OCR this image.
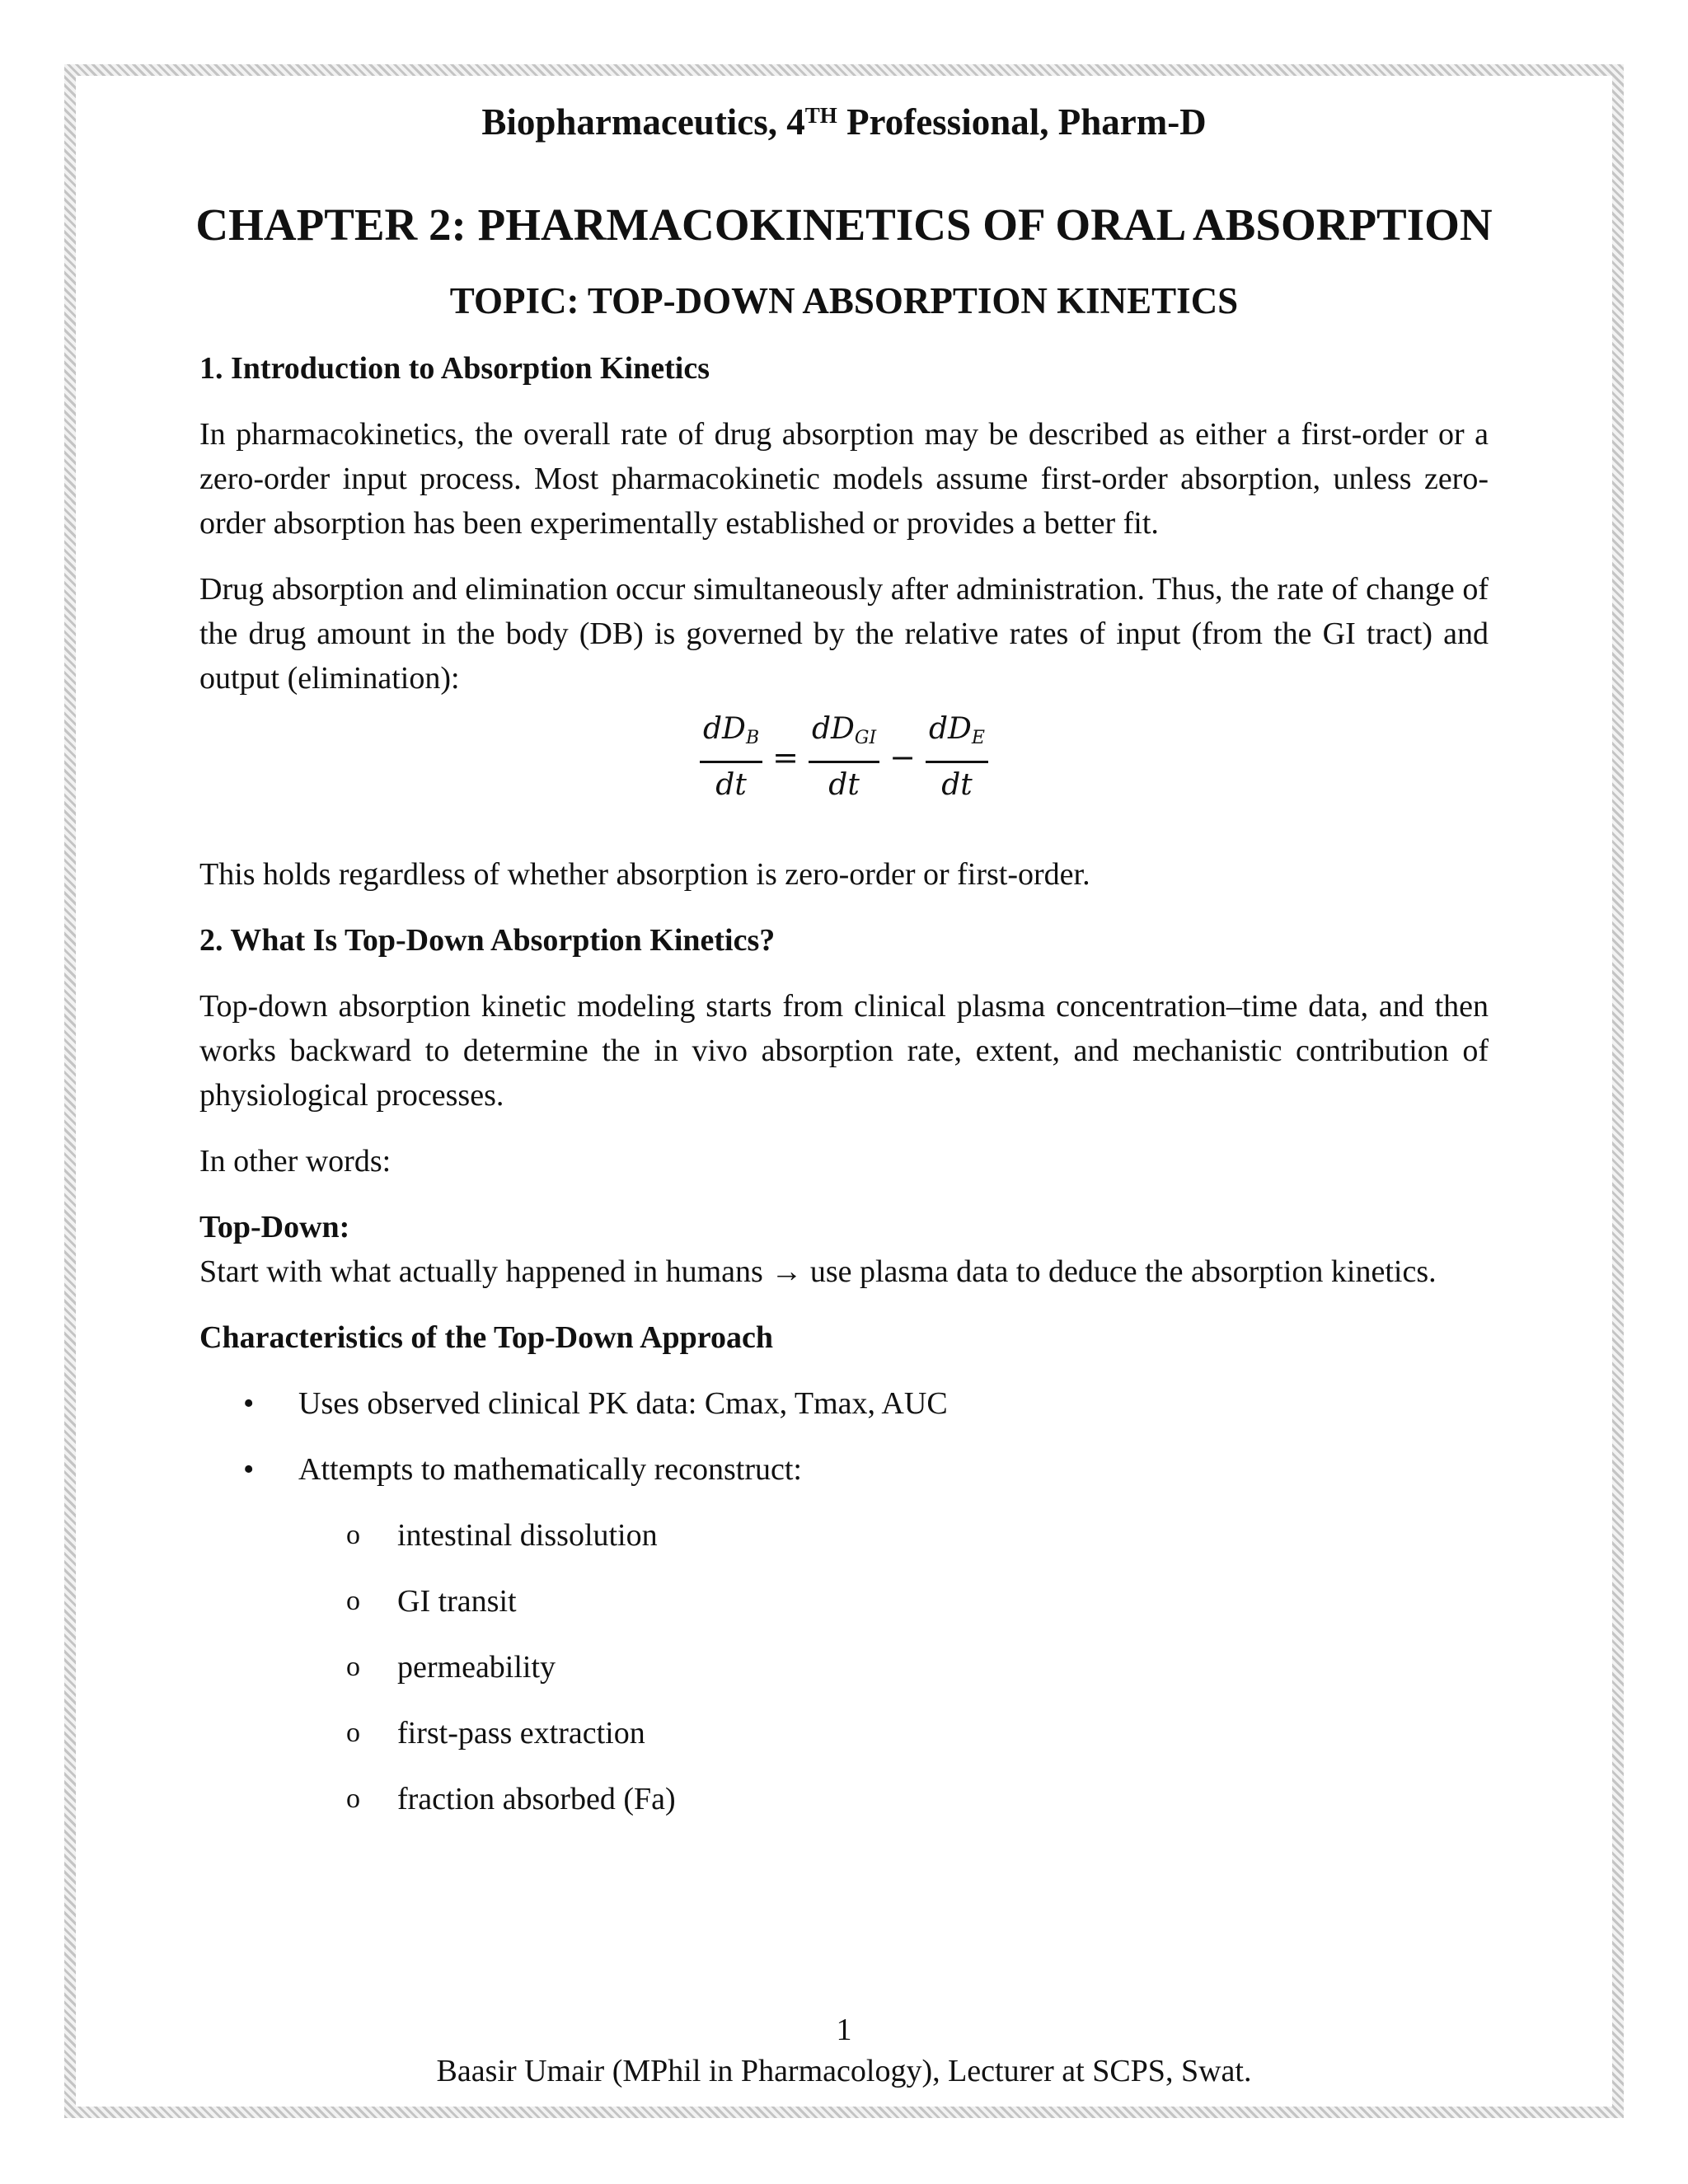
Biopharmaceutics, 4TH Professional, Pharm-D
CHAPTER 2: PHARMACOKINETICS OF ORAL ABSORPTION
TOPIC: TOP-DOWN ABSORPTION KINETICS
1. Introduction to Absorption Kinetics

In pharmacokinetics, the overall rate of drug absorption may be described as either a first-order or a zero-order input process. Most pharmacokinetic models assume first-order absorption, unless zero-order absorption has been experimentally established or provides a better fit.

Drug absorption and elimination occur simultaneously after administration. Thus, the rate of change of the drug amount in the body (DB) is governed by the relative rates of input (from the GI tract) and output (elimination):

$\frac{dD_B}{dt} = \frac{dD_{GI}}{dt} - \frac{dD_E}{dt}$

This holds regardless of whether absorption is zero-order or first-order.

2. What Is Top-Down Absorption Kinetics?

Top-down absorption kinetic modeling starts from clinical plasma concentration–time data, and then works backward to determine the in vivo absorption rate, extent, and mechanistic contribution of physiological processes.

In other words:

Top-Down:

Start with what actually happened in humans → use plasma data to deduce the absorption kinetics.

Characteristics of the Top-Down Approach
• Uses observed clinical PK data: Cmax, Tmax, AUC
• Attempts to mathematically reconstruct:
o intestinal dissolution
o GI transit
o permeability
o first-pass extraction
o fraction absorbed (Fa)
1
Baasir Umair (MPhil in Pharmacology), Lecturer at SCPS, Swat.
